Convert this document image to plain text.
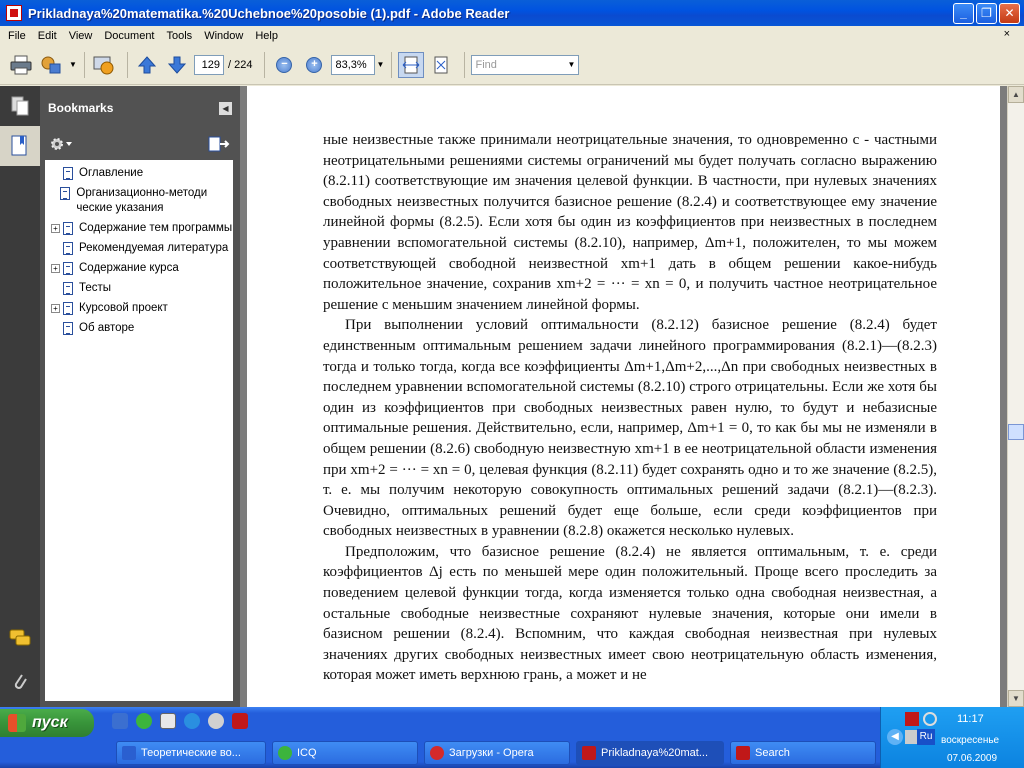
Prikladnaya%20matematika.%20Uchebnoe%20posobie (1).pdf - Adobe Reader	_	❐	✕
File	Edit	View	Document	Tools	Window	Help	×
▼	129 / 224	−	+	83,3%	▼	Find	▼
Bookmarks	◀
Оглавление
Организационно-методи ческие указания
+ Содержание тем программы
Рекомендуемая литература
+ Содержание курса
Тесты
+ Курсовой проект
Об авторе

ные неизвестные также принимали неотрицательные значения, то одновременно с - частными неотрицательными решениями системы ограничений мы будет получать согласно выражению (8.2.11) соответствующие им значения целевой функции. В частности, при нулевых значениях свободных неизвестных получится базисное решение (8.2.4) и соответствующее ему значение линейной формы (8.2.5). Если хотя бы один из коэффициентов при неизвестных в последнем уравнении вспомогательной системы (8.2.10), например, Δm+1, положителен, то мы можем соответствующей свободной неизвестной xm+1 дать в общем решении какое-нибудь положительное значение, сохранив xm+2 = ··· = xn = 0, и получить частное неотрицательное решение с меньшим значением линейной формы.

При выполнении условий оптимальности (8.2.12) базисное решение (8.2.4) будет единственным оптимальным решением задачи линейного программирования (8.2.1)—(8.2.3) тогда и только тогда, когда все коэффициенты Δm+1,Δm+2,...,Δn при свободных неизвестных в последнем уравнении вспомогательной системы (8.2.10) строго отрицательны. Если же хотя бы один из коэффициентов при свободных неизвестных равен нулю, то будут и небазисные оптимальные решения. Действительно, если, например, Δm+1 = 0, то как бы мы не изменяли в общем решении (8.2.6) свободную неизвестную xm+1 в ее неотрицательной области изменения при xm+2 = ··· = xn = 0, целевая функция (8.2.11) будет сохранять одно и то же значение (8.2.5), т. е. мы получим некоторую совокупность оптимальных решений задачи (8.2.1)—(8.2.3). Очевидно, оптимальных решений будет еще больше, если среди коэффициентов при свободных неизвестных в уравнении (8.2.8) окажется несколько нулевых.

Предположим, что базисное решение (8.2.4) не является оптимальным, т. е. среди коэффициентов Δj есть по меньшей мере один положительный. Проще всего проследить за поведением целевой функции тогда, когда изменяется только одна свободная неизвестная, а остальные свободные неизвестные сохраняют нулевые значения, которые они имели в базисном решении (8.2.4). Вспомним, что каждая свободная неизвестная при нулевых значениях других свободных неизвестных имеет свою неотрицательную область изменения, которая может иметь верхнюю грань, а может и не

▲
▼
пуск
Теоретические во...	ICQ	Загрузки - Opera	Prikladnaya%20mat...	Search
◀	Ru
11:17
воскресенье
07.06.2009
